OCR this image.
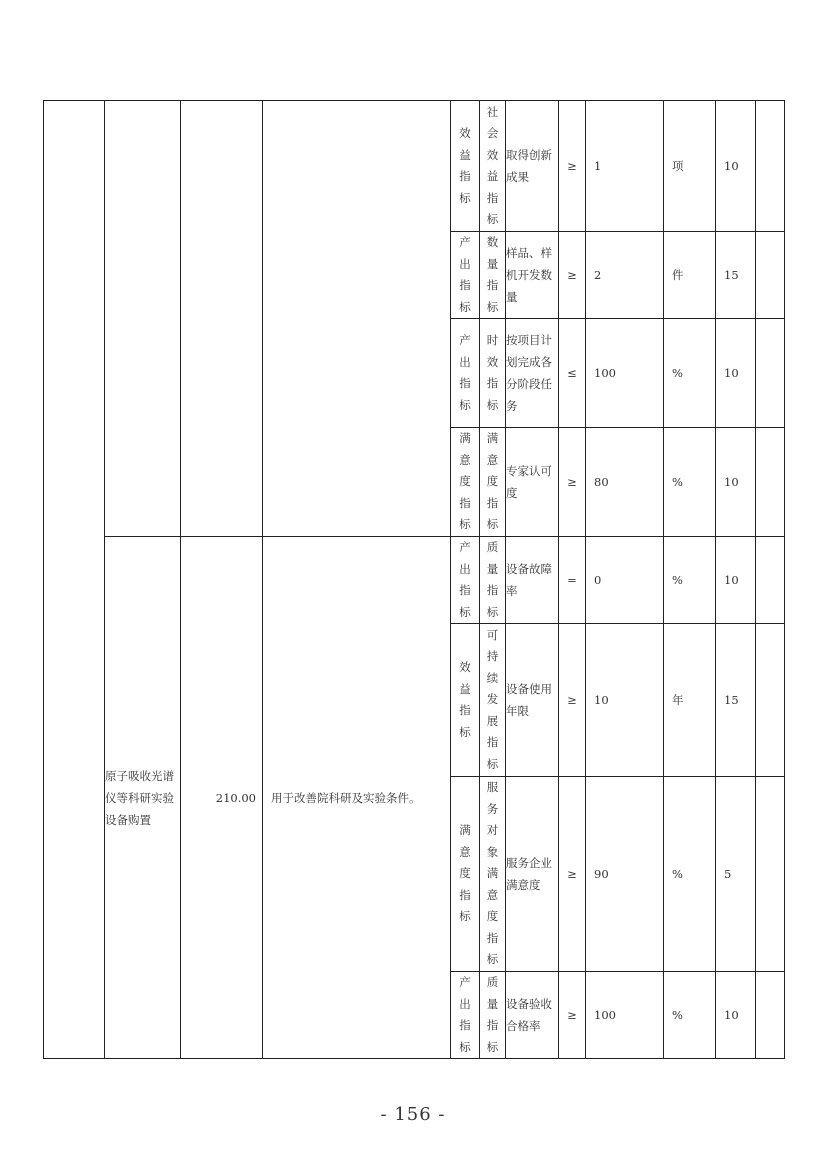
				效益指标	社会效益指标	取得创新成果	≥	1	项	10	
				产出指标	数量指标	样品、样机开发数量	≥	2	件	15	
				产出指标	时效指标	按项目计划完成各分阶段任务	≤	100	%	10	
				满意度指标	满意度指标	专家认可度	≥	80	%	10	
	原子吸收光谱仪等科研实验设备购置	210.00	用于改善院科研及实验条件。	产出指标	质量指标	设备故障率	=	0	%	10	
				效益指标	可持续发展指标	设备使用年限	≥	10	年	15	
				满意度指标	服务对象满意度指标	服务企业满意度	≥	90	%	5	
				产出指标	质量指标	设备验收合格率	≥	100	%	10	
- 156 -
